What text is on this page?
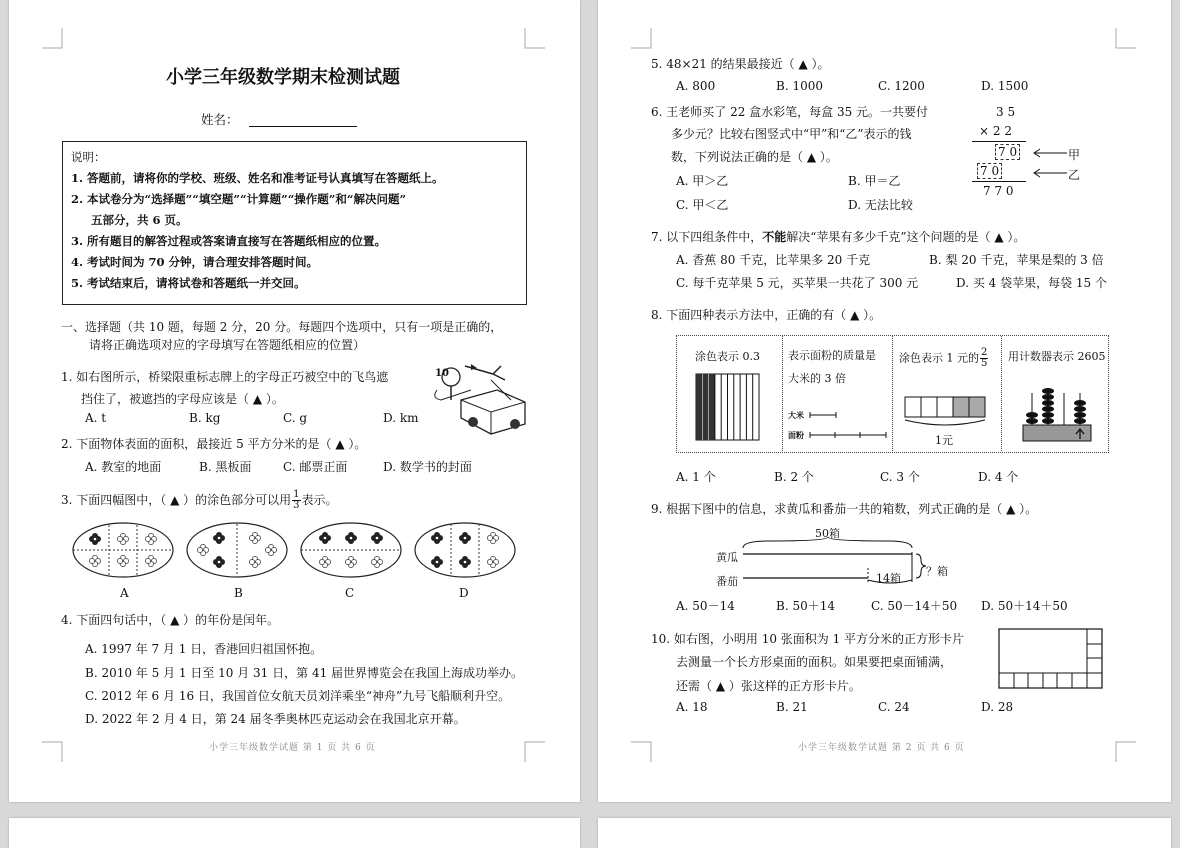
小学三年级数学期末检测试题
姓名：
说明：
1. 答题前，请将你的学校、班级、姓名和准考证号认真填写在答题纸上。
2. 本试卷分为“选择题”“填空题”“计算题”“操作题”和“解决问题”
五部分，共 6 页。
3. 所有题目的解答过程或答案请直接写在答题纸相应的位置。
4. 考试时间为 70 分钟，请合理安排答题时间。
5. 考试结束后，请将试卷和答题纸一并交回。
一、选择题（共 10 题，每题 2 分，20 分。每题四个选项中，只有一项是正确的，
请将正确选项对应的字母填写在答题纸相应的位置）
1. 如右图所示，桥梁限重标志牌上的字母正巧被空中的飞鸟遮
挡住了，被遮挡的字母应该是（ ▲ ）。
A. t	B. kg	C. g	D. km
10
2. 下面物体表面的面积，最接近 5 平方分米的是（ ▲ ）。
A. 教室的地面	B. 黑板面	C. 邮票正面	D. 数学书的封面
3. 下面四幅图中，（ ▲ ）的涂色部分可以用 $\frac{1}{3}$ 表示。
A	B	C	D
4. 下面四句话中，（ ▲ ）的年份是闰年。
A. 1997 年 7 月 1 日，香港回归祖国怀抱。
B. 2010 年 5 月 1 日至 10 月 31 日，第 41 届世界博览会在我国上海成功举办。
C. 2012 年 6 月 16 日，我国首位女航天员刘洋乘坐“神舟”九号飞船顺利升空。
D. 2022 年 2 月 4 日，第 24 届冬季奥林匹克运动会在我国北京开幕。
小学三年级数学试题 第 1 页 共 6 页
5. 48×21 的结果最接近（ ▲ ）。
A. 800	B. 1000	C. 1200	D. 1500
6. 王老师买了 22 盒水彩笔，每盒 35 元。一共要付
多少元？比较右图竖式中“甲”和“乙”表示的钱
数，下列说法正确的是（ ▲ ）。
A. 甲＞乙	B. 甲＝乙
C. 甲＜乙	D. 无法比较
3 5
× 2 2
7 0
7 0
7 7 0
甲
乙
7. 以下四组条件中，不能解决“苹果有多少千克”这个问题的是（ ▲ ）。
A. 香蕉 80 千克，比苹果多 20 千克	B. 梨 20 千克，苹果是梨的 3 倍
C. 每千克苹果 5 元，买苹果一共花了 300 元	D. 买 4 袋苹果，每袋 15 个
8. 下面四种表示方法中，正确的有（ ▲ ）。
涂色表示 0.3	表示面粉的质量是
大米的 3 倍
大米
面粉
涂色表示 1 元的 $\frac{2}{5}$
1元
用计数器表示 2605
A. 1 个	B. 2 个	C. 3 个	D. 4 个
9. 根据下图中的信息，求黄瓜和番茄一共的箱数，列式正确的是（ ▲ ）。
50箱
黄瓜
番茄	14箱
？箱
A. 50－14	B. 50＋14	C. 50－14＋50 D. 50＋14＋50
10. 如右图，小明用 10 张面积为 1 平方分米的正方形卡片
去测量一个长方形桌面的面积。如果要把桌面铺满，
还需（ ▲ ）张这样的正方形卡片。
A. 18	B. 21	C. 24	D. 28
小学三年级数学试题 第 2 页 共 6 页
